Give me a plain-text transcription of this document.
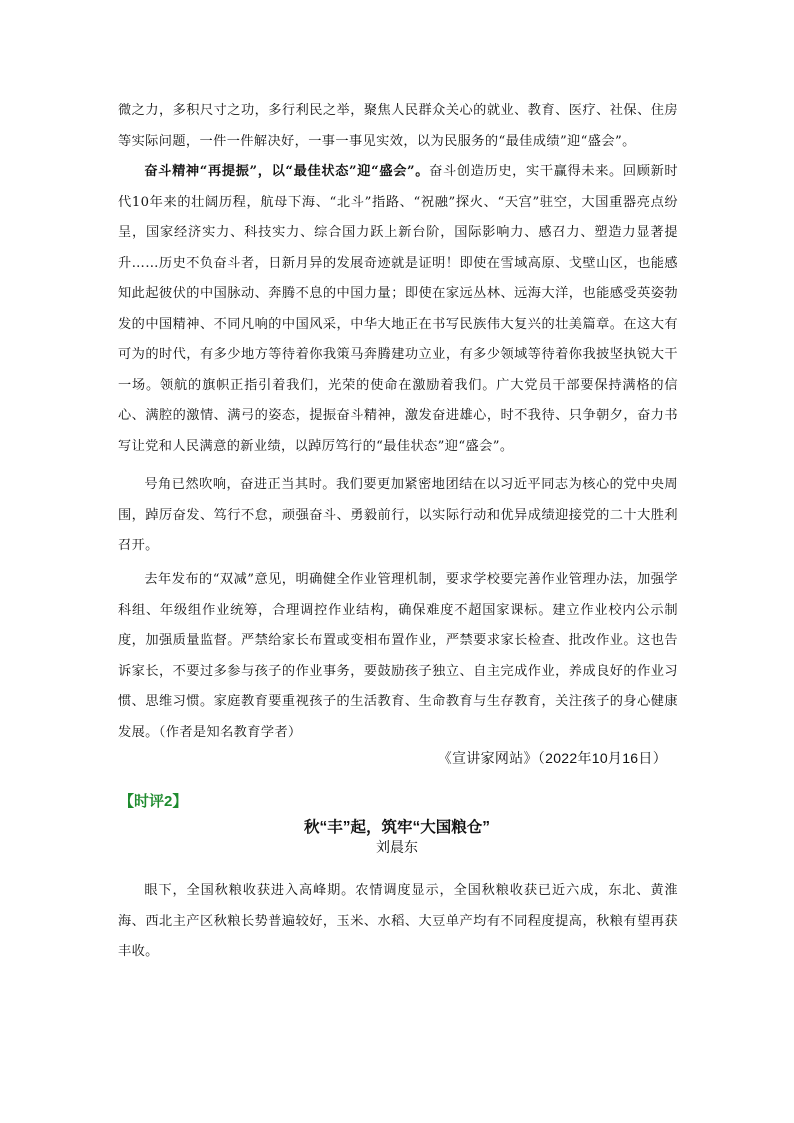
微之力，多积尺寸之功，多行利民之举，聚焦人民群众关心的就业、教育、医疗、社保、住房等实际问题，一件一件解决好，一事一事见实效，以为民服务的“最佳成绩”迎“盛会”。

奋斗精神“再提振”，以“最佳状态”迎“盛会”。奋斗创造历史，实干赢得未来。回顾新时代10年来的壮阔历程，航母下海、“北斗”指路、“祝融”探火、“天宫”驻空，大国重器亮点纷呈，国家经济实力、科技实力、综合国力跃上新台阶，国际影响力、感召力、塑造力显著提升……历史不负奋斗者，日新月异的发展奇迹就是证明！即使在雪域高原、戈壁山区，也能感知此起彼伏的中国脉动、奔腾不息的中国力量；即使在家远丛林、远海大洋，也能感受英姿勃发的中国精神、不同凡响的中国风采，中华大地正在书写民族伟大复兴的壮美篇章。在这大有可为的时代，有多少地方等待着你我策马奔腾建功立业，有多少领域等待着你我披坚执锐大干一场。领航的旗帜正指引着我们，光荣的使命在激励着我们。广大党员干部要保持满格的信心、满腔的激情、满弓的姿态，提振奋斗精神，激发奋进雄心，时不我待、只争朝夕，奋力书写让党和人民满意的新业绩，以踔厉笃行的“最佳状态”迎“盛会”。

号角已然吹响，奋进正当其时。我们要更加紧密地团结在以习近平同志为核心的党中央周围，踔厉奋发、笃行不怠，顽强奋斗、勇毅前行，以实际行动和优异成绩迎接党的二十大胜利召开。

去年发布的“双减”意见，明确健全作业管理机制，要求学校要完善作业管理办法，加强学科组、年级组作业统筹，合理调控作业结构，确保难度不超国家课标。建立作业校内公示制度，加强质量监督。严禁给家长布置或变相布置作业，严禁要求家长检查、批改作业。这也告诉家长，不要过多参与孩子的作业事务，要鼓励孩子独立、自主完成作业，养成良好的作业习惯、思维习惯。家庭教育要重视孩子的生活教育、生命教育与生存教育，关注孩子的身心健康发展。（作者是知名教育学者）

《宣讲家网站》（2022年10月16日）
【时评2】
秋“丰”起，筑牢“大国粮仓”
刘晨东

眼下，全国秋粮收获进入高峰期。农情调度显示，全国秋粮收获已近六成，东北、黄淮海、西北主产区秋粮长势普遍较好，玉米、水稻、大豆单产均有不同程度提高，秋粮有望再获丰收。
